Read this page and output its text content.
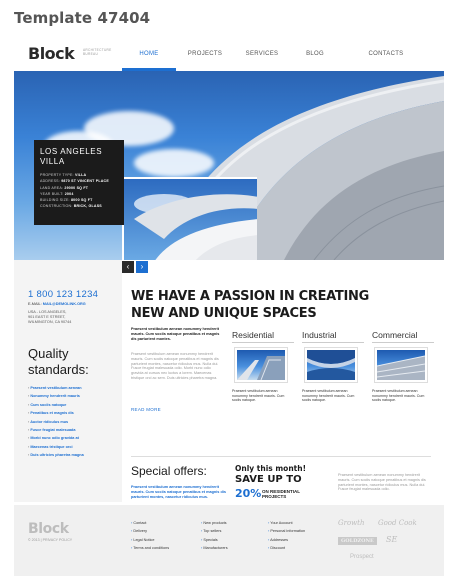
Template 47404
Block	ARCHITECTURE BUREAU	HOME	PROJECTS	SERVICES	BLOG	CONTACTS
LOS ANGELES
VILLA
PROPERTY TYPE: VILLA
ADDRESS: 9870 ST VINCENT PLACE
LAND AREA: 29000 SQ FT
YEAR BUILT: 2004
BUILDING SIZE: 8000 SQ FT
CONSTRUCTION: BRICK, GLASS
‹	›
1 800 123 1234
E-MAIL: MAIL@DEMOLINK.ORG
USA - LOS ANGELES,
901 EAST E STREET,
WILMINGTON, CA 90744
Quality
standards:
› Praesent vestibulum aenean
› Nonummy hendrerit mauris
› Cum sociis natoque
› Penatibus et magnis dis
› Auctor ridiculus mus
› Fusce feugiat malesuada
› Morbi nunc odio gravida at
› Maecenas tristique orci
› Duis ultricies pharetra magna
WE HAVE A PASSION IN CREATING
NEW AND UNIQUE SPACES
Praesent vestibulum aenean nonummy hendrerit mauris. Cum sociis natoque penatibus et magnis dis parturient montes.
Praesent vestibulum aenean nonummy hendrerit mauris. Cum sociis natoque penatibus et magnis dis parturient montes, nascetur ridiculus mus. Nulla dui. Fusce feugiat malesuada odio. Morbi nunc odio gravida at cursus nec luctus a lorem. Maecenas tristique orci ac sem. Duis ultricies pharetra magna.
READ MORE
Residential
Praesent vestibulum aenean nonummy hendrerit mauris. Cum sociis natoque.
Industrial
Praesent vestibulum aenean nonummy hendrerit mauris. Cum sociis natoque.
Commercial
Praesent vestibulum aenean nonummy hendrerit mauris. Cum sociis natoque.
Special offers:
Praesent vestibulum aenean nonummy hendrerit mauris. Cum sociis natoque penatibus et magnis dis parturient montes, nascetur ridiculus mus.
Only this month!
SAVE UP TO
20% ON RESIDENTIAL
PROJECTS
Praesent vestibulum aenean nonummy hendrerit mauris. Cum sociis natoque penatibus et magnis dis parturient montes, nascetur ridiculus mus. Nulla dui. Fusce feugiat malesuada odio.
Block
© 2013 | PRIVACY POLICY
› Contact
› Delivery
› Legal Notice
› Terms and conditions
› New products
› Top sellers
› Specials
› Manufacturers
› Your Account
› Personal information
› Addresses
› Discount
Growth Good Cook
GOLDZONE	SE
Prospect
